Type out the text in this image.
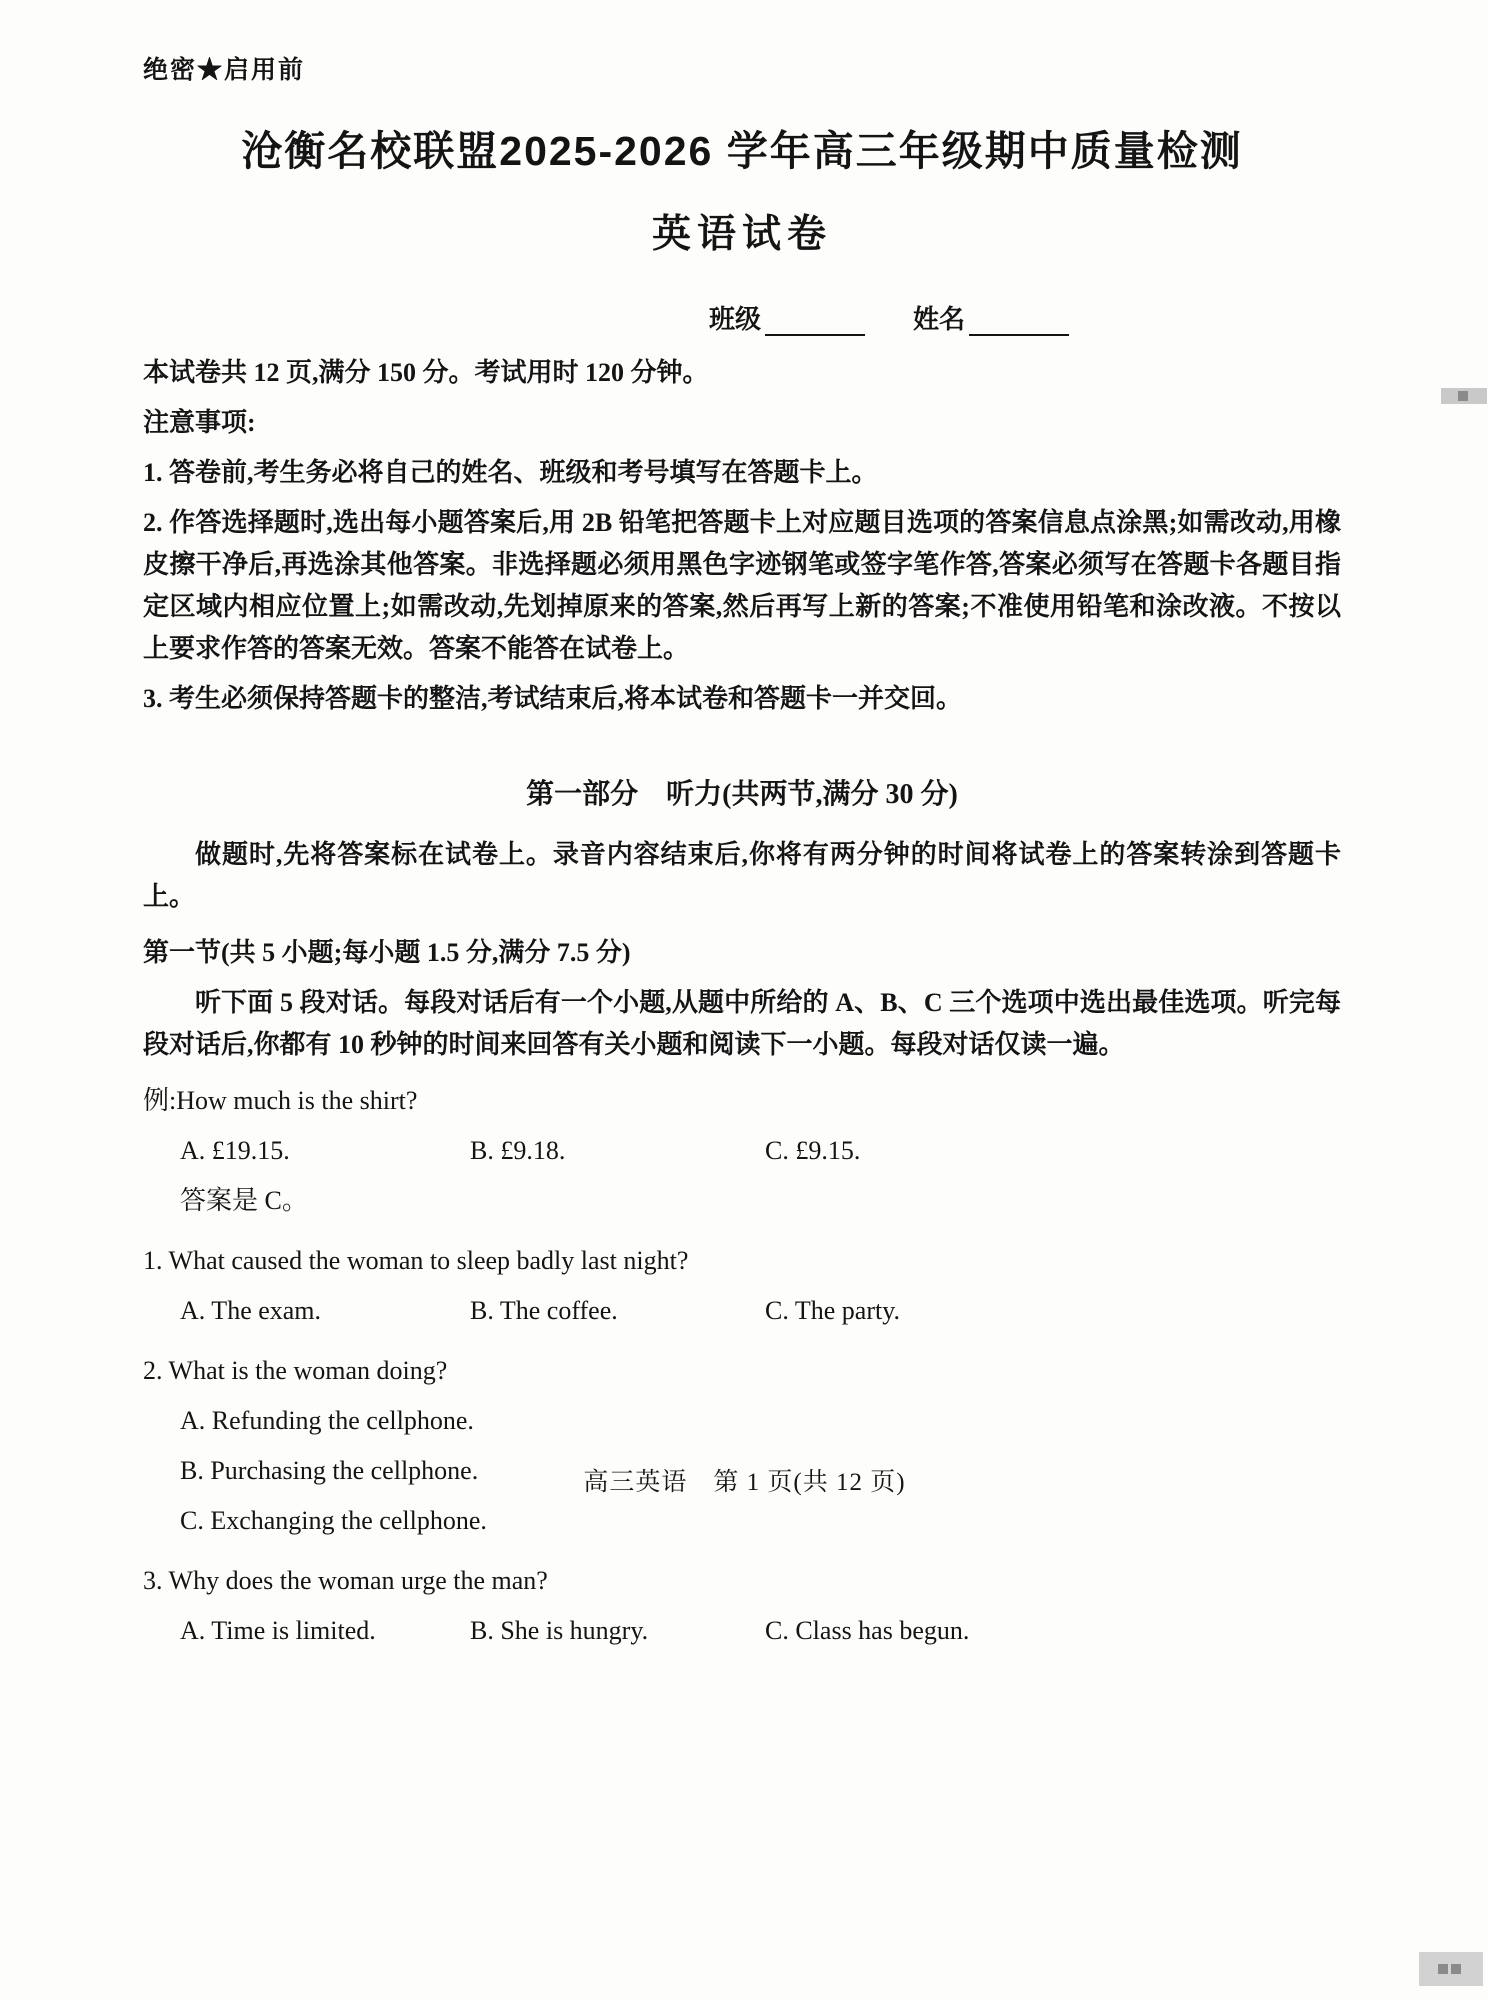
绝密★启用前
沧衡名校联盟2025-2026 学年高三年级期中质量检测
英语试卷
班级	姓名

本试卷共 12 页,满分 150 分。考试用时 120 分钟。

注意事项:

1. 答卷前,考生务必将自己的姓名、班级和考号填写在答题卡上。

2. 作答选择题时,选出每小题答案后,用 2B 铅笔把答题卡上对应题目选项的答案信息点涂黑;如需改动,用橡皮擦干净后,再选涂其他答案。非选择题必须用黑色字迹钢笔或签字笔作答,答案必须写在答题卡各题目指定区域内相应位置上;如需改动,先划掉原来的答案,然后再写上新的答案;不准使用铅笔和涂改液。不按以上要求作答的答案无效。答案不能答在试卷上。

3. 考生必须保持答题卡的整洁,考试结束后,将本试卷和答题卡一并交回。

第一部分　听力(共两节,满分 30 分)

做题时,先将答案标在试卷上。录音内容结束后,你将有两分钟的时间将试卷上的答案转涂到答题卡上。

第一节(共 5 小题;每小题 1.5 分,满分 7.5 分)

听下面 5 段对话。每段对话后有一个小题,从题中所给的 A、B、C 三个选项中选出最佳选项。听完每段对话后,你都有 10 秒钟的时间来回答有关小题和阅读下一小题。每段对话仅读一遍。

例:How much is the shirt?

A. £19.15.	B. £9.18.	C. £9.15.

答案是 C。

1. What caused the woman to sleep badly last night?

A. The exam.	B. The coffee.	C. The party.

2. What is the woman doing?

A. Refunding the cellphone.
B. Purchasing the cellphone.
C. Exchanging the cellphone.

3. Why does the woman urge the man?

A. Time is limited.	B. She is hungry.	C. Class has begun.
高三英语　第 1 页(共 12 页)
